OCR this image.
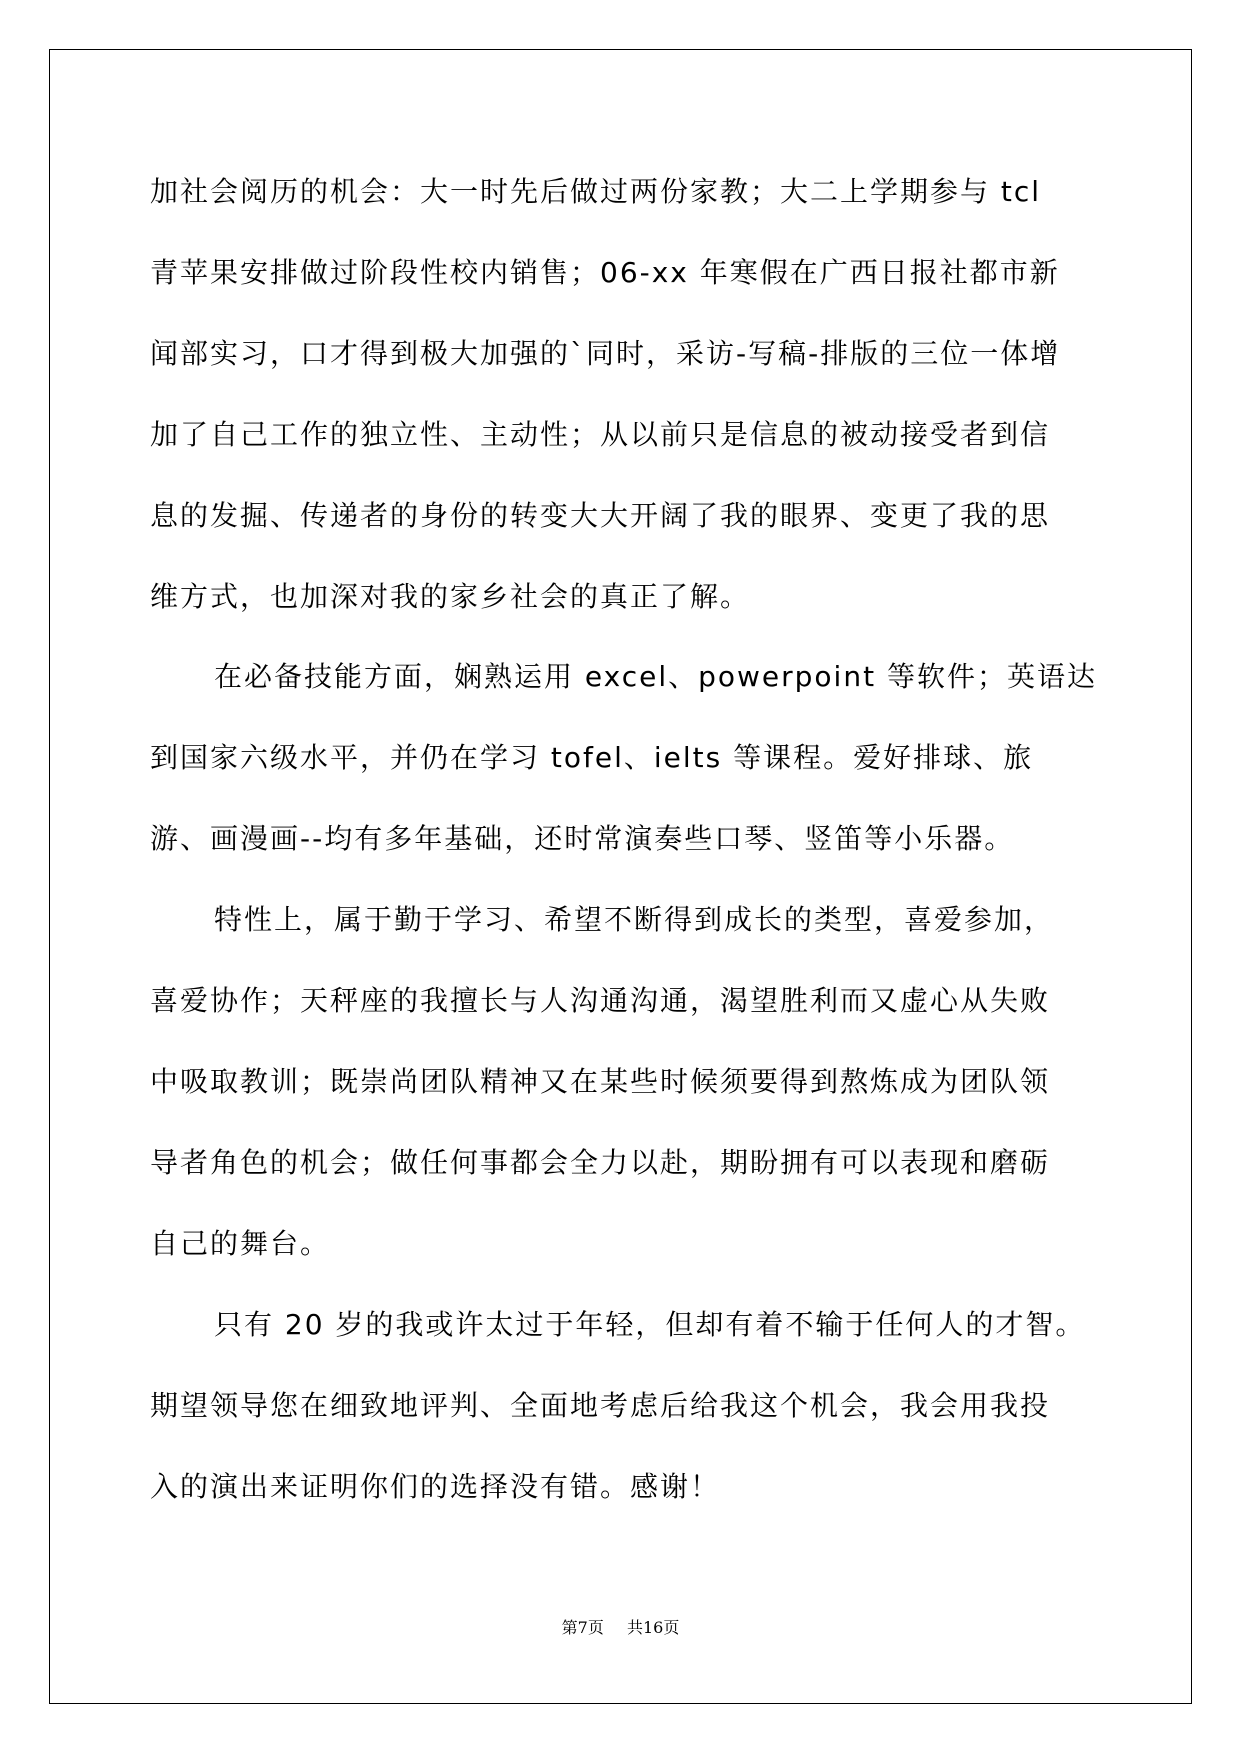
加社会阅历的机会：大一时先后做过两份家教；大二上学期参与 tcl
青苹果安排做过阶段性校内销售；06-xx 年寒假在广西日报社都市新
闻部实习，口才得到极大加强的`同时，采访-写稿-排版的三位一体增
加了自己工作的独立性、主动性；从以前只是信息的被动接受者到信
息的发掘、传递者的身份的转变大大开阔了我的眼界、变更了我的思
维方式，也加深对我的家乡社会的真正了解。
在必备技能方面，娴熟运用 excel、powerpoint 等软件；英语达
到国家六级水平，并仍在学习 tofel、ielts 等课程。爱好排球、旅
游、画漫画--均有多年基础，还时常演奏些口琴、竖笛等小乐器。
特性上，属于勤于学习、希望不断得到成长的类型，喜爱参加，
喜爱协作；天秤座的我擅长与人沟通沟通，渴望胜利而又虚心从失败
中吸取教训；既崇尚团队精神又在某些时候须要得到熬炼成为团队领
导者角色的机会；做任何事都会全力以赴，期盼拥有可以表现和磨砺
自己的舞台。
只有 20 岁的我或许太过于年轻，但却有着不输于任何人的才智。
期望领导您在细致地评判、全面地考虑后给我这个机会，我会用我投
入的演出来证明你们的选择没有错。感谢！
第7页 共16页
